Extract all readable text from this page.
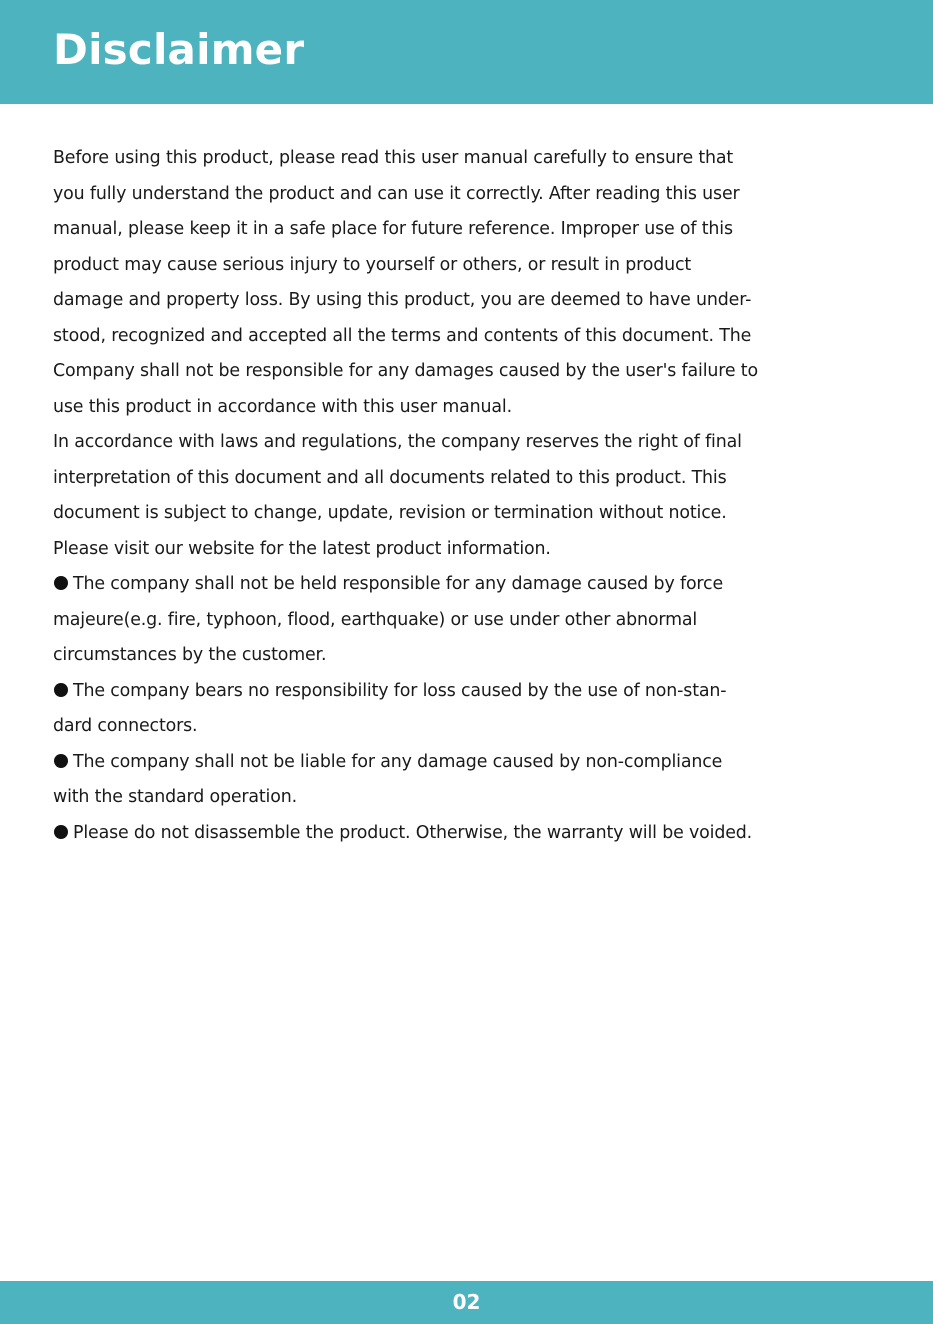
Disclaimer
Before using this product, please read this user manual carefully to ensure that
you fully understand the product and can use it correctly. After reading this user
manual, please keep it in a safe place for future reference. Improper use of this
product may cause serious injury to yourself or others, or result in product
damage and property loss. By using this product, you are deemed to have under-
stood, recognized and accepted all the terms and contents of this document. The
Company shall not be responsible for any damages caused by the user's failure to
use this product in accordance with this user manual.
In accordance with laws and regulations, the company reserves the right of final
interpretation of this document and all documents related to this product. This
document is subject to change, update, revision or termination without notice.
Please visit our website for the latest product information.
The company shall not be held responsible for any damage caused by force
majeure(e.g. fire, typhoon, flood, earthquake) or use under other abnormal
circumstances by the customer.
The company bears no responsibility for loss caused by the use of non-stan-
dard connectors.
The company shall not be liable for any damage caused by non-compliance
with the standard operation.
Please do not disassemble the product. Otherwise, the warranty will be voided.
02
